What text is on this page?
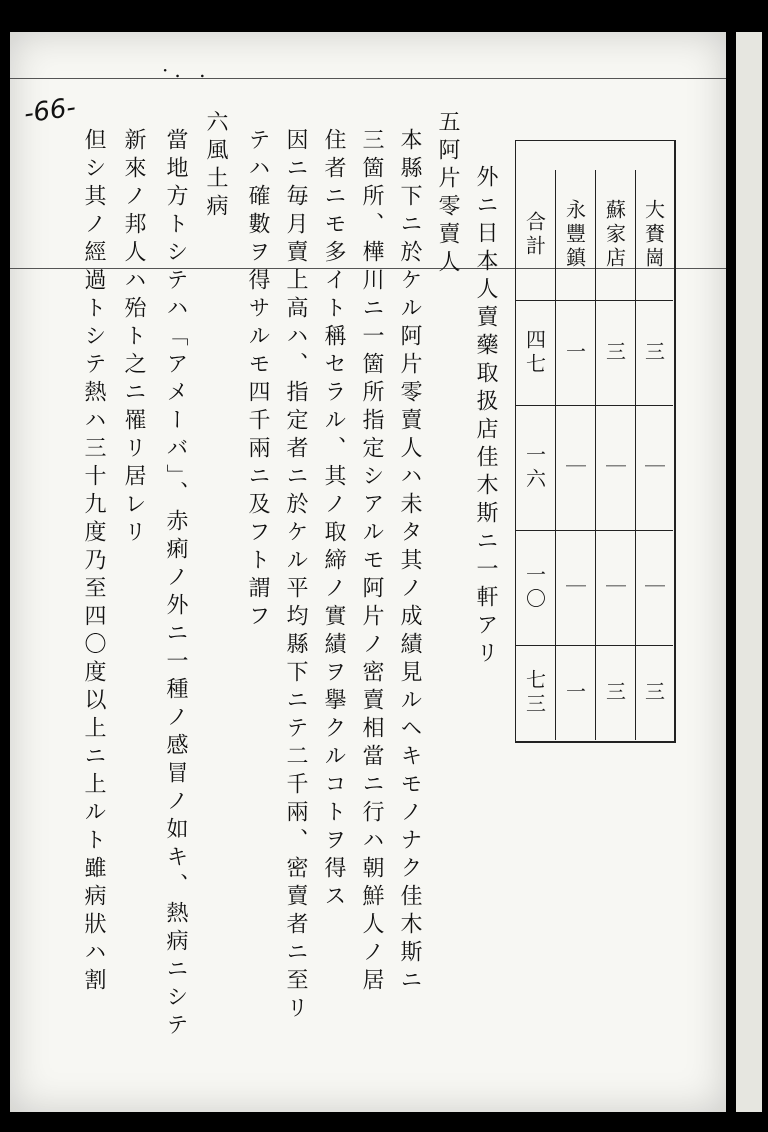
·. .
-66-
外ニ日本人賣藥取扱店佳木斯ニ一軒アリ
五阿片零賣人
本縣下ニ於ケル阿片零賣人ハ未タ其ノ成績見ルヘキモノナク佳木斯ニ
三箇所、樺川ニ一箇所指定シアルモ阿片ノ密賣相當ニ行ハ朝鮮人ノ居
住者ニモ多イト稱セラル、其ノ取締ノ實績ヲ擧クルコトヲ得ス
因ニ毎月賣上高ハ、指定者ニ於ケル平均縣下ニテ二千兩、密賣者ニ至リ
テハ確數ヲ得サルモ四千兩ニ及フト謂フ
六風土病
當地方トシテハ「アメーバ」、赤痢ノ外ニ一種ノ感冒ノ如キ、熱病ニシテ
新來ノ邦人ハ殆ト之ニ罹リ居レリ
但シ其ノ經過トシテ熱ハ三十九度乃至四〇度以上ニ上ルト雖病狀ハ割	大賚崗
蘇家店
永豐鎮
合計
三
｜
｜
三
三
｜
｜
三
一
｜
｜
一
四七
一六
一〇
七三
